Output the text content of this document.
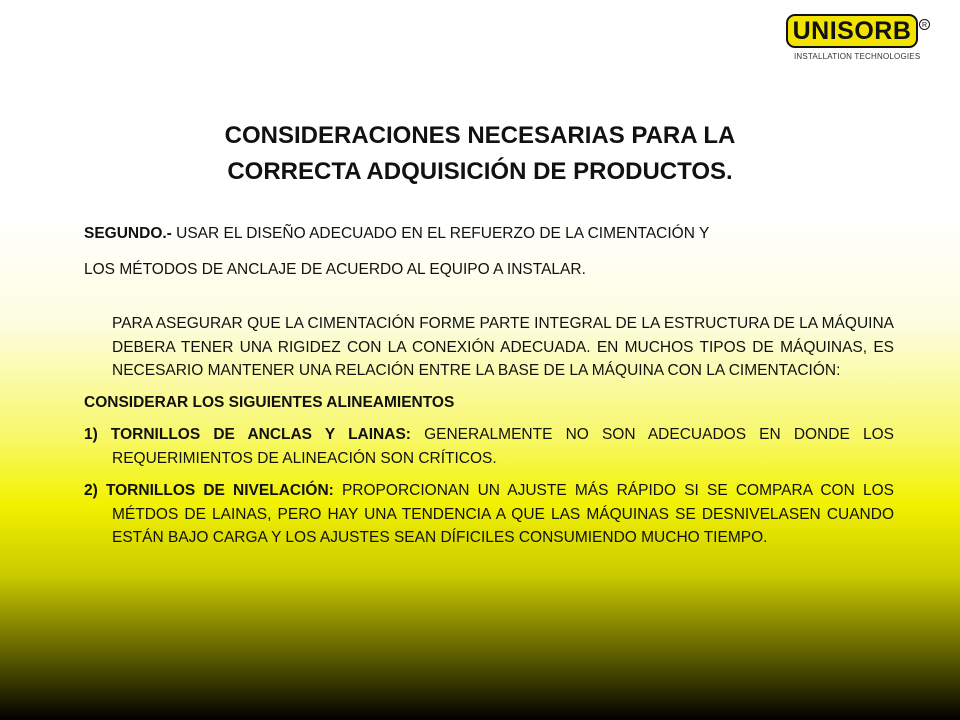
UNISORB	R
INSTALLATION TECHNOLOGIES
CONSIDERACIONES NECESARIAS PARA LA
CORRECTA ADQUISICIÓN DE PRODUCTOS.

SEGUNDO.- USAR EL DISEÑO ADECUADO EN EL REFUERZO DE LA CIMENTACIÓN Y

LOS MÉTODOS DE ANCLAJE DE ACUERDO AL EQUIPO A INSTALAR.

PARA ASEGURAR QUE LA CIMENTACIÓN FORME PARTE INTEGRAL DE LA ESTRUCTURA DE LA MÁQUINA DEBERA TENER UNA RIGIDEZ CON LA CONEXIÓN ADECUADA. EN MUCHOS TIPOS DE MÁQUINAS, ES NECESARIO MANTENER UNA RELACIÓN ENTRE LA BASE DE LA MÁQUINA CON LA CIMENTACIÓN:

CONSIDERAR LOS SIGUIENTES ALINEAMIENTOS

1) TORNILLOS DE ANCLAS Y LAINAS: GENERALMENTE NO SON ADECUADOS EN DONDE LOS REQUERIMIENTOS DE ALINEACIÓN SON CRÍTICOS.

2) TORNILLOS DE NIVELACIÓN: PROPORCIONAN UN AJUSTE MÁS RÁPIDO SI SE COMPARA CON LOS MÉTDOS DE LAINAS, PERO HAY UNA TENDENCIA A QUE LAS MÁQUINAS SE DESNIVELASEN CUANDO ESTÁN BAJO CARGA Y LOS AJUSTES SEAN DÍFICILES CONSUMIENDO MUCHO TIEMPO.
